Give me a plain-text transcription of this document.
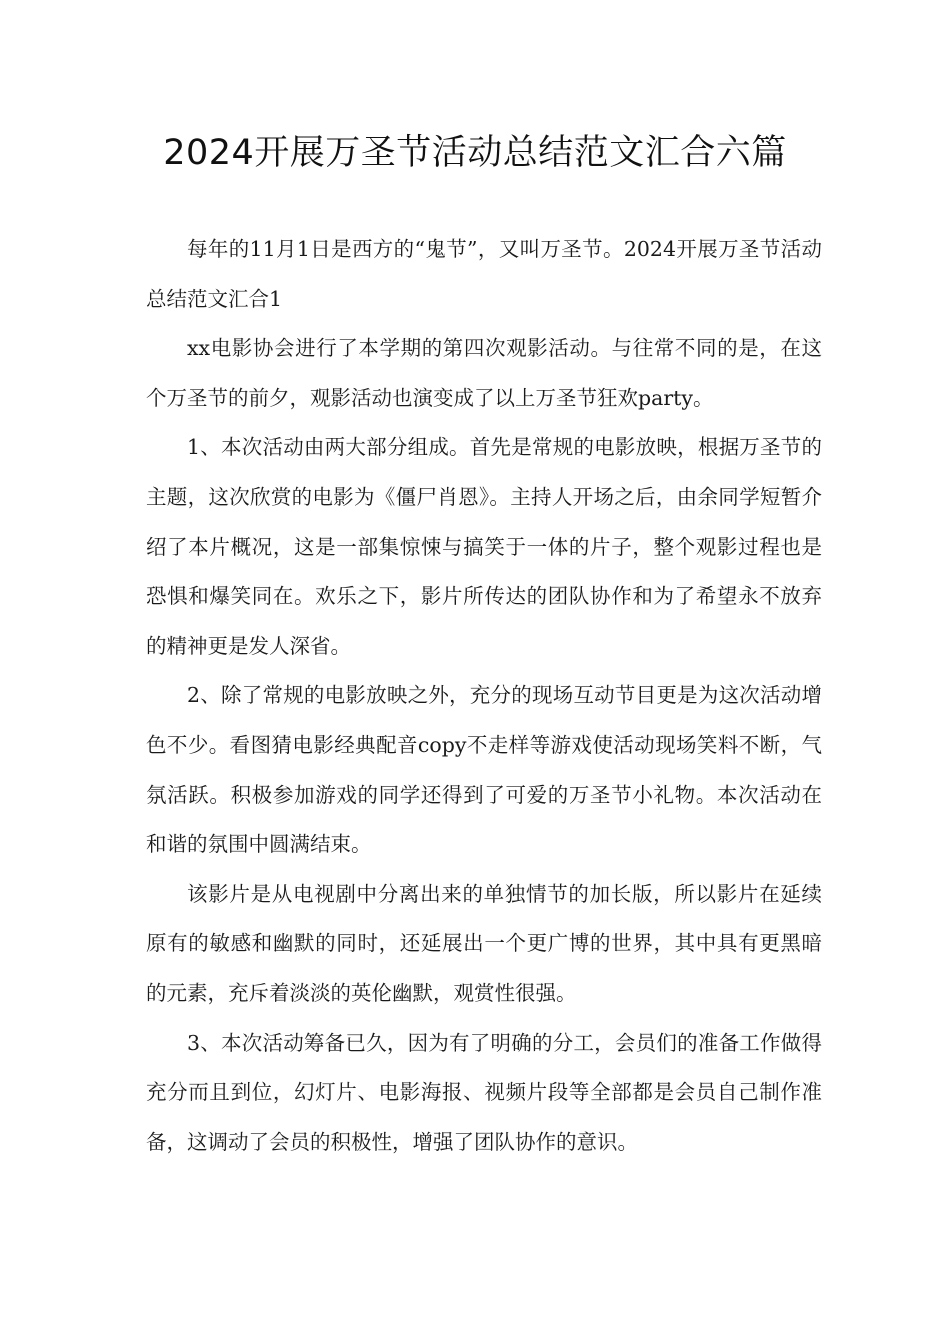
2024开展万圣节活动总结范文汇合六篇

每年的11月1日是西方的“鬼节”，又叫万圣节。2024开展万圣节活动总结范文汇合1

xx电影协会进行了本学期的第四次观影活动。与往常不同的是，在这个万圣节的前夕，观影活动也演变成了以上万圣节狂欢party。

1、本次活动由两大部分组成。首先是常规的电影放映，根据万圣节的主题，这次欣赏的电影为《僵尸肖恩》。主持人开场之后，由余同学短暂介绍了本片概况，这是一部集惊悚与搞笑于一体的片子，整个观影过程也是恐惧和爆笑同在。欢乐之下，影片所传达的团队协作和为了希望永不放弃的精神更是发人深省。

2、除了常规的电影放映之外，充分的现场互动节目更是为这次活动增色不少。看图猜电影经典配音copy不走样等游戏使活动现场笑料不断，气氛活跃。积极参加游戏的同学还得到了可爱的万圣节小礼物。本次活动在和谐的氛围中圆满结束。

该影片是从电视剧中分离出来的单独情节的加长版，所以影片在延续原有的敏感和幽默的同时，还延展出一个更广博的世界，其中具有更黑暗的元素，充斥着淡淡的英伦幽默，观赏性很强。

3、本次活动筹备已久，因为有了明确的分工，会员们的准备工作做得充分而且到位，幻灯片、电影海报、视频片段等全部都是会员自己制作准备，这调动了会员的积极性，增强了团队协作的意识。
